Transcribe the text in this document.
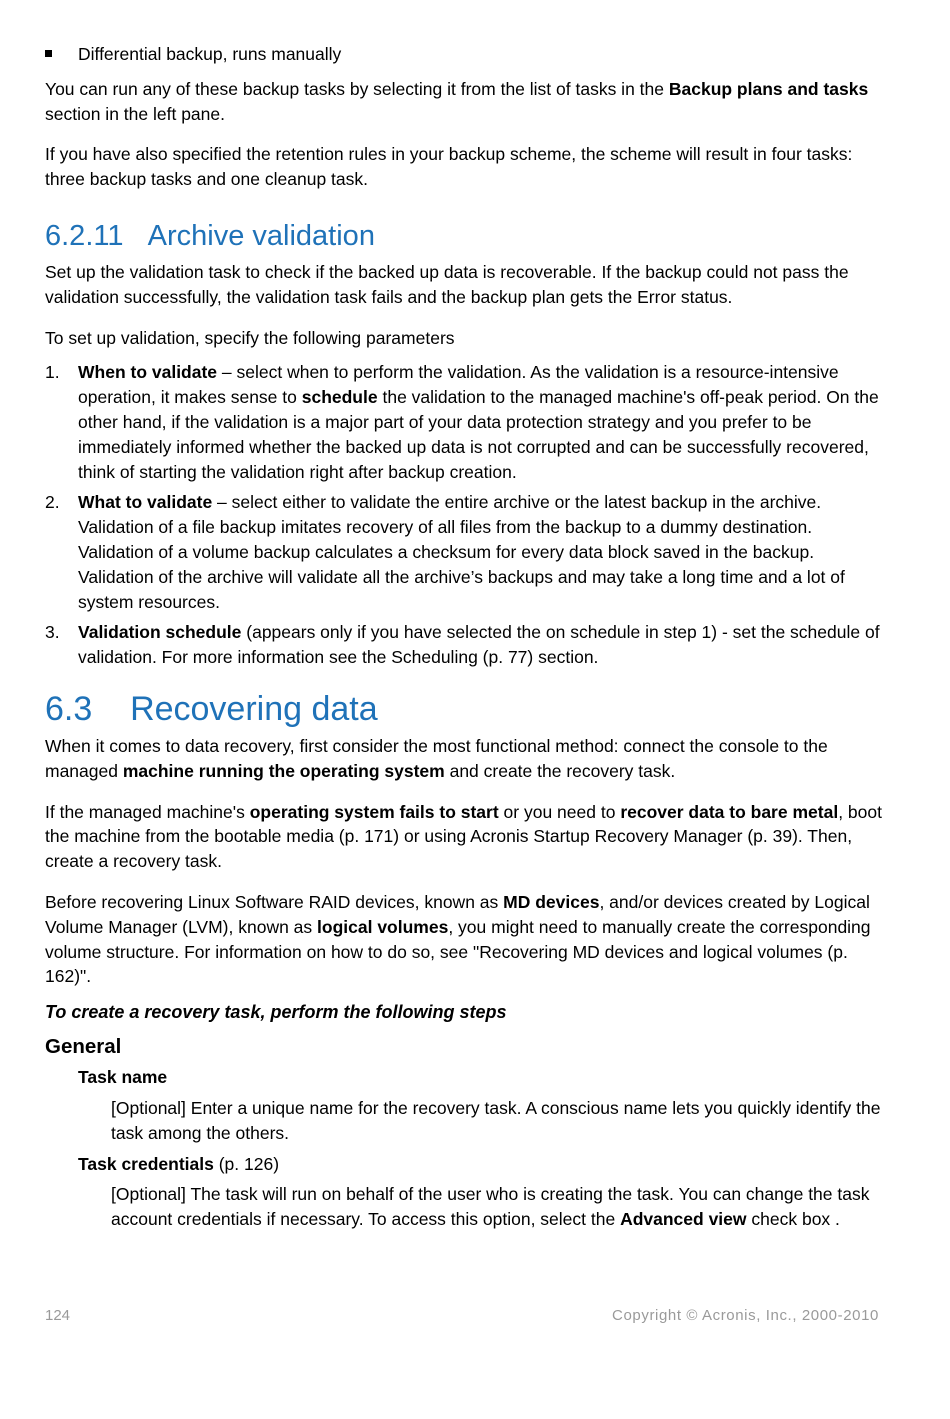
Differential backup, runs manually

You can run any of these backup tasks by selecting it from the list of tasks in the Backup plans and tasks section in the left pane.

If you have also specified the retention rules in your backup scheme, the scheme will result in four tasks: three backup tasks and one cleanup task.

6.2.11 Archive validation

Set up the validation task to check if the backed up data is recoverable. If the backup could not pass the validation successfully, the validation task fails and the backup plan gets the Error status.

To set up validation, specify the following parameters

1. When to validate – select when to perform the validation. As the validation is a resource-intensive operation, it makes sense to schedule the validation to the managed machine's off-peak period. On the other hand, if the validation is a major part of your data protection strategy and you prefer to be immediately informed whether the backed up data is not corrupted and can be successfully recovered, think of starting the validation right after backup creation.
2. What to validate – select either to validate the entire archive or the latest backup in the archive. Validation of a file backup imitates recovery of all files from the backup to a dummy destination. Validation of a volume backup calculates a checksum for every data block saved in the backup. Validation of the archive will validate all the archive’s backups and may take a long time and a lot of system resources.
3. Validation schedule (appears only if you have selected the on schedule in step 1) - set the schedule of validation. For more information see the Scheduling (p. 77) section.
6.3 Recovering data

When it comes to data recovery, first consider the most functional method: connect the console to the managed machine running the operating system and create the recovery task.

If the managed machine's operating system fails to start or you need to recover data to bare metal, boot the machine from the bootable media (p. 171) or using Acronis Startup Recovery Manager (p. 39). Then, create a recovery task.

Before recovering Linux Software RAID devices, known as MD devices, and/or devices created by Logical Volume Manager (LVM), known as logical volumes, you might need to manually create the corresponding volume structure. For information on how to do so, see "Recovering MD devices and logical volumes (p. 162)".

To create a recovery task, perform the following steps

General

Task name

[Optional] Enter a unique name for the recovery task. A conscious name lets you quickly identify the task among the others.

Task credentials (p. 126)

[Optional] The task will run on behalf of the user who is creating the task. You can change the task account credentials if necessary. To access this option, select the Advanced view check box .

124	Copyright © Acronis, Inc., 2000-2010
